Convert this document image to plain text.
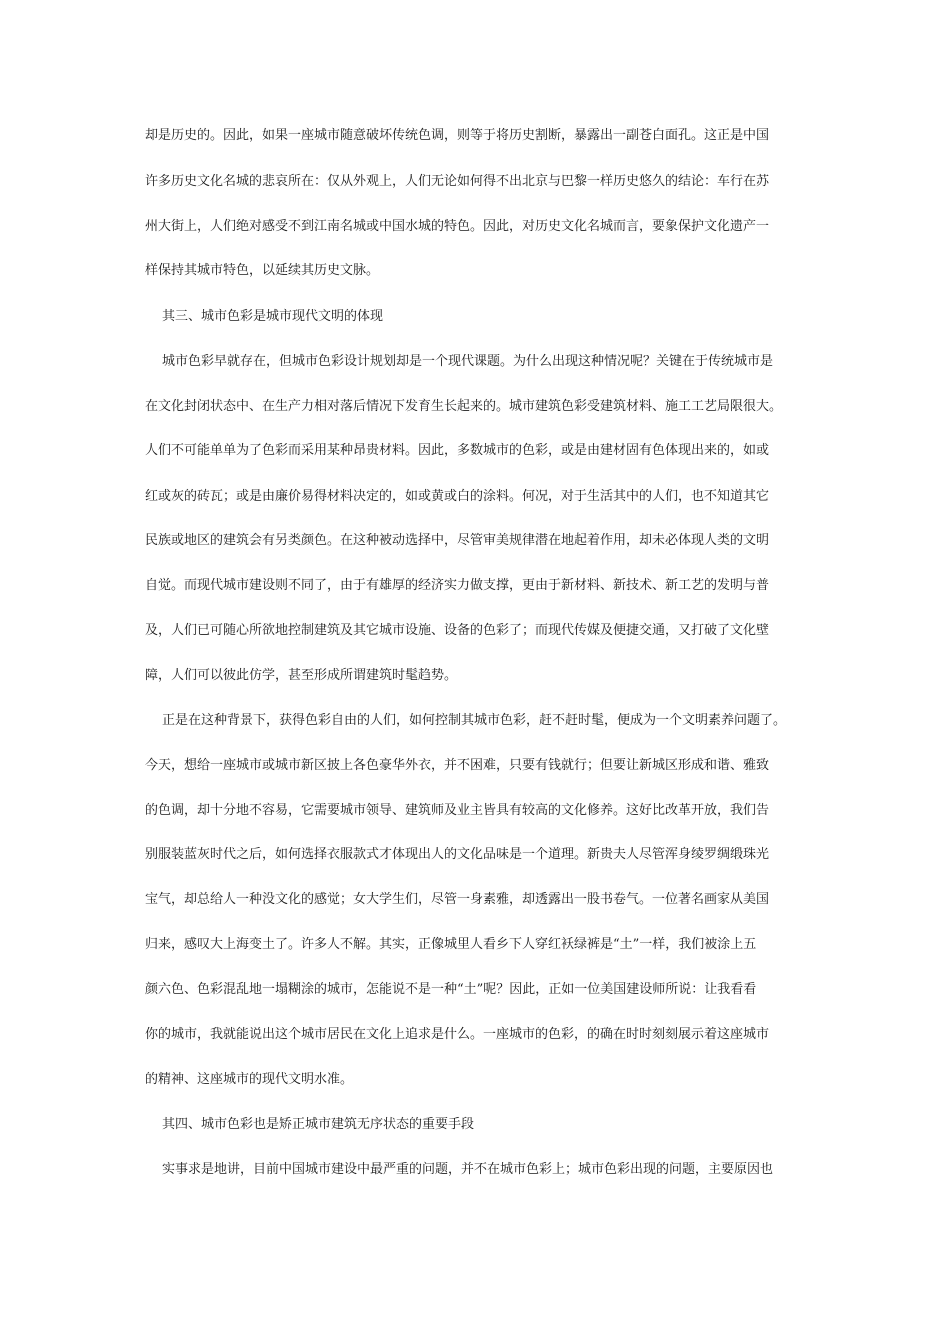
却是历史的。因此，如果一座城市随意破坏传统色调，则等于将历史割断，暴露出一副苍白面孔。这正是中国

许多历史文化名城的悲哀所在：仅从外观上，人们无论如何得不出北京与巴黎一样历史悠久的结论：车行在苏

州大街上，人们绝对感受不到江南名城或中国水城的特色。因此，对历史文化名城而言，要象保护文化遗产一

样保持其城市特色，以延续其历史文脉。

其三、城市色彩是城市现代文明的体现

城市色彩早就存在，但城市色彩设计规划却是一个现代课题。为什么出现这种情况呢？关键在于传统城市是

在文化封闭状态中、在生产力相对落后情况下发育生长起来的。城市建筑色彩受建筑材料、施工工艺局限很大。

人们不可能单单为了色彩而采用某种昂贵材料。因此，多数城市的色彩，或是由建材固有色体现出来的，如或

红或灰的砖瓦；或是由廉价易得材料决定的，如或黄或白的涂料。何况，对于生活其中的人们，也不知道其它

民族或地区的建筑会有另类颜色。在这种被动选择中，尽管审美规律潜在地起着作用，却未必体现人类的文明

自觉。而现代城市建设则不同了，由于有雄厚的经济实力做支撑，更由于新材料、新技术、新工艺的发明与普

及，人们已可随心所欲地控制建筑及其它城市设施、设备的色彩了；而现代传媒及便捷交通，又打破了文化壁

障，人们可以彼此仿学，甚至形成所谓建筑时髦趋势。

正是在这种背景下，获得色彩自由的人们，如何控制其城市色彩，赶不赶时髦，便成为一个文明素养问题了。

今天，想给一座城市或城市新区披上各色豪华外衣，并不困难，只要有钱就行；但要让新城区形成和谐、雅致

的色调，却十分地不容易，它需要城市领导、建筑师及业主皆具有较高的文化修养。这好比改革开放，我们告

别服装蓝灰时代之后，如何选择衣服款式才体现出人的文化品味是一个道理。新贵夫人尽管浑身绫罗绸缎珠光

宝气，却总给人一种没文化的感觉；女大学生们，尽管一身素雅，却透露出一股书卷气。一位著名画家从美国

归来，感叹大上海变土了。许多人不解。其实，正像城里人看乡下人穿红袄绿裤是“土”一样，我们被涂上五

颜六色、色彩混乱地一塌糊涂的城市，怎能说不是一种“土”呢？因此，正如一位美国建设师所说：让我看看

你的城市，我就能说出这个城市居民在文化上追求是什么。一座城市的色彩，的确在时时刻刻展示着这座城市

的精神、这座城市的现代文明水准。

其四、城市色彩也是矫正城市建筑无序状态的重要手段

实事求是地讲，目前中国城市建设中最严重的问题，并不在城市色彩上；城市色彩出现的问题，主要原因也
